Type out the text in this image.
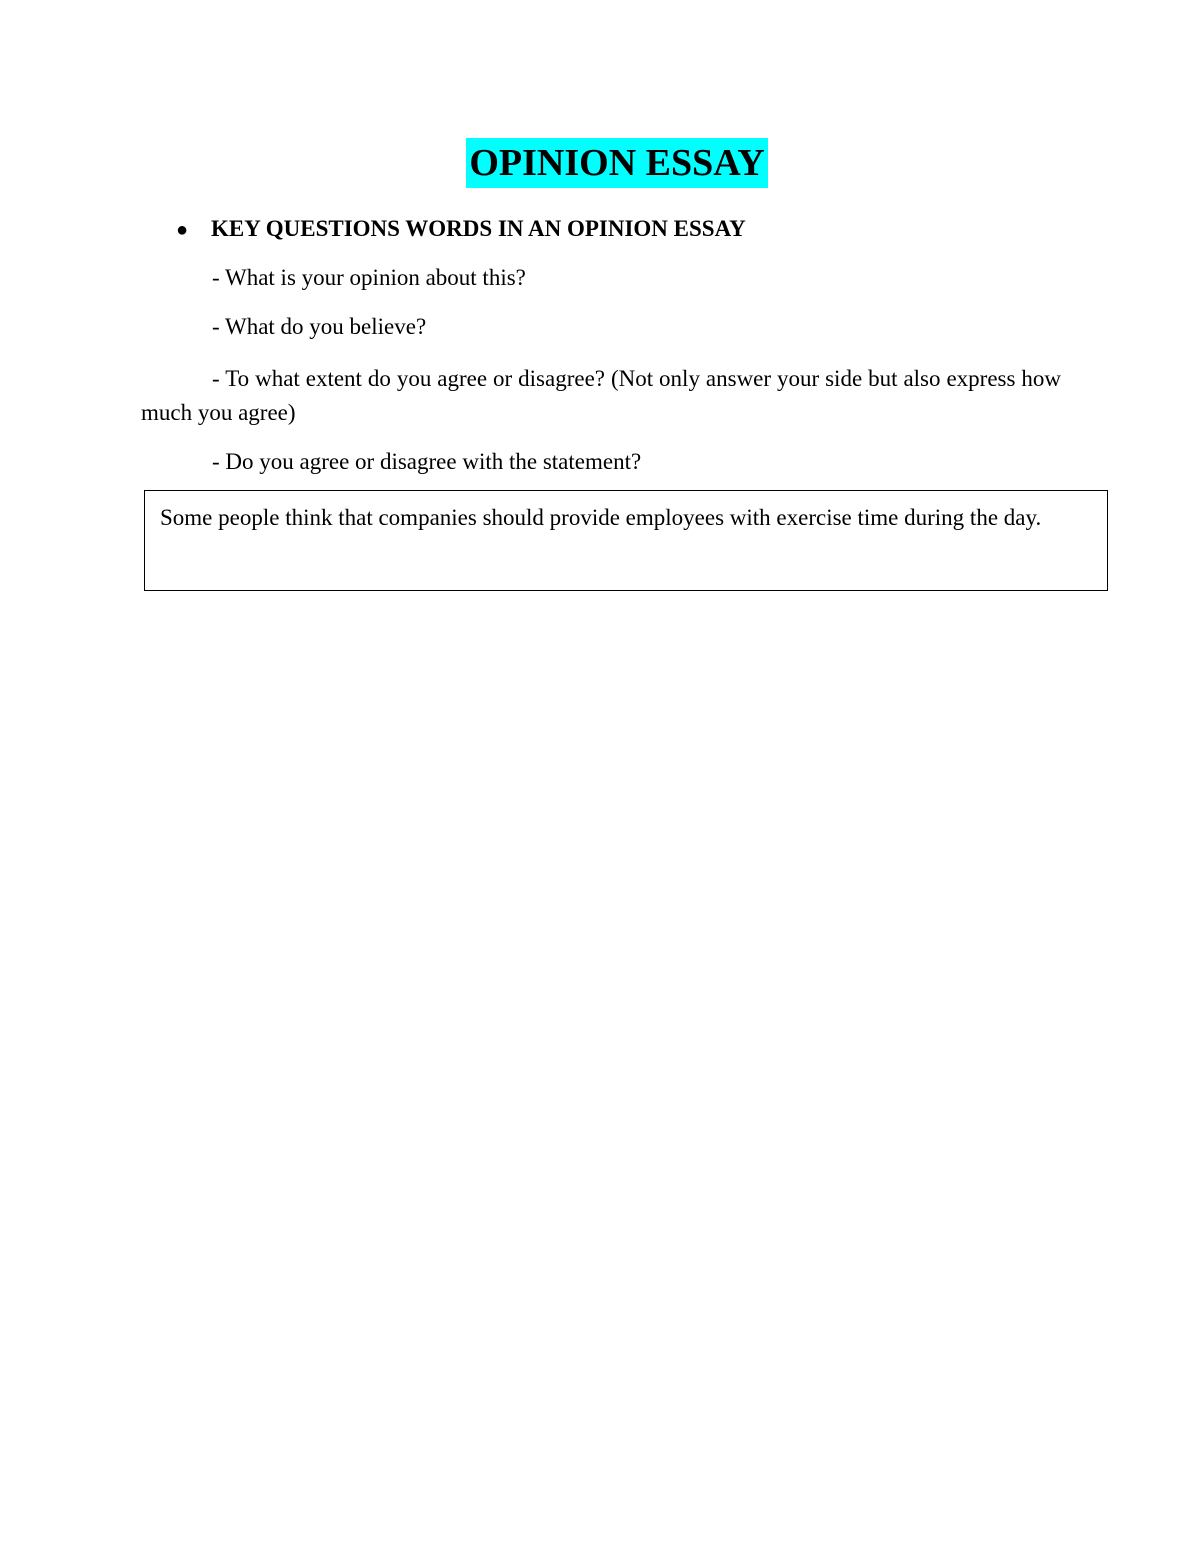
OPINION ESSAY
● KEY QUESTIONS WORDS IN AN OPINION ESSAY
- What is your opinion about this?
- What do you believe?
- To what extent do you agree or disagree? (Not only answer your side but also express how much you agree)
- Do you agree or disagree with the statement?
Some people think that companies should provide employees with exercise time during the day.
